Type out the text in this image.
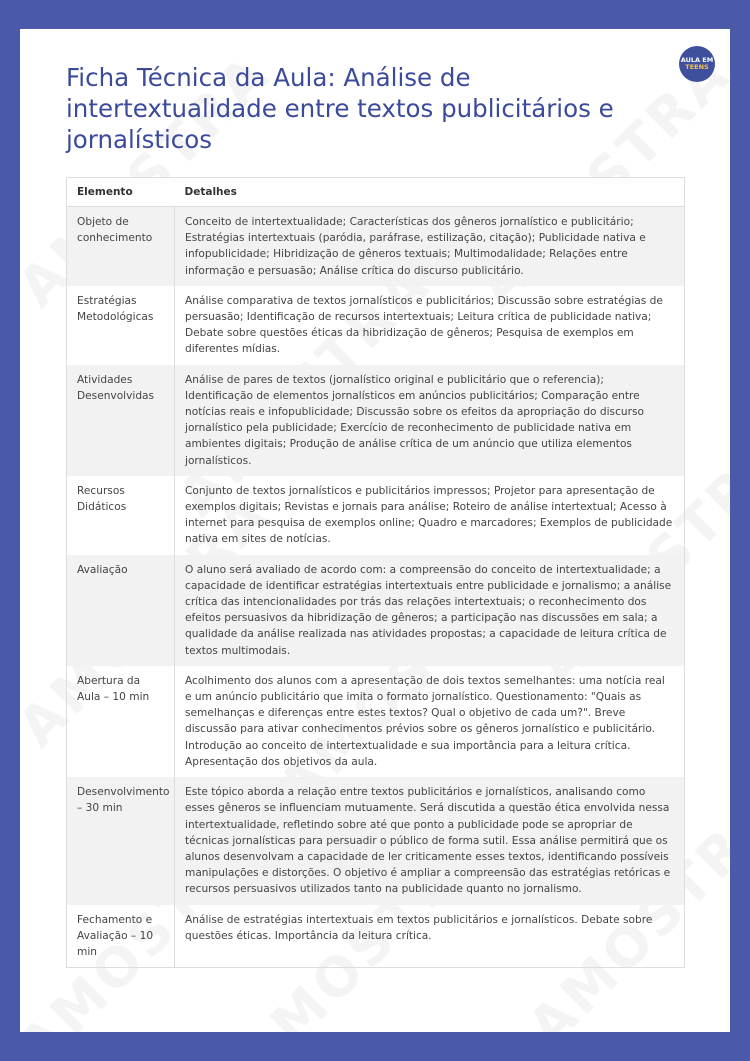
Ficha Técnica da Aula: Análise de intertextualidade entre textos publicitários e jornalísticos
AULA EM
TEENS
Elemento	Detalhes
Objeto de conhecimento	Conceito de intertextualidade; Características dos gêneros jornalístico e publicitário; Estratégias intertextuais (paródia, paráfrase, estilização, citação); Publicidade nativa e infopublicidade; Hibridização de gêneros textuais; Multimodalidade; Relações entre informação e persuasão; Análise crítica do discurso publicitário.
Estratégias Metodológicas	Análise comparativa de textos jornalísticos e publicitários; Discussão sobre estratégias de persuasão; Identificação de recursos intertextuais; Leitura crítica de publicidade nativa; Debate sobre questões éticas da hibridização de gêneros; Pesquisa de exemplos em diferentes mídias.
Atividades Desenvolvidas	Análise de pares de textos (jornalístico original e publicitário que o referencia); Identificação de elementos jornalísticos em anúncios publicitários; Comparação entre notícias reais e infopublicidade; Discussão sobre os efeitos da apropriação do discurso jornalístico pela publicidade; Exercício de reconhecimento de publicidade nativa em ambientes digitais; Produção de análise crítica de um anúncio que utiliza elementos jornalísticos.
Recursos Didáticos	Conjunto de textos jornalísticos e publicitários impressos; Projetor para apresentação de exemplos digitais; Revistas e jornais para análise; Roteiro de análise intertextual; Acesso à internet para pesquisa de exemplos online; Quadro e marcadores; Exemplos de publicidade nativa em sites de notícias.
Avaliação	O aluno será avaliado de acordo com: a compreensão do conceito de intertextualidade; a capacidade de identificar estratégias intertextuais entre publicidade e jornalismo; a análise crítica das intencionalidades por trás das relações intertextuais; o reconhecimento dos efeitos persuasivos da hibridização de gêneros; a participação nas discussões em sala; a qualidade da análise realizada nas atividades propostas; a capacidade de leitura crítica de textos multimodais.
Abertura da Aula – 10 min	Acolhimento dos alunos com a apresentação de dois textos semelhantes: uma notícia real e um anúncio publicitário que imita o formato jornalístico. Questionamento: "Quais as semelhanças e diferenças entre estes textos? Qual o objetivo de cada um?". Breve discussão para ativar conhecimentos prévios sobre os gêneros jornalístico e publicitário. Introdução ao conceito de intertextualidade e sua importância para a leitura crítica. Apresentação dos objetivos da aula.
Desenvolvimento – 30 min	Este tópico aborda a relação entre textos publicitários e jornalísticos, analisando como esses gêneros se influenciam mutuamente. Será discutida a questão ética envolvida nessa intertextualidade, refletindo sobre até que ponto a publicidade pode se apropriar de técnicas jornalísticas para persuadir o público de forma sutil. Essa análise permitirá que os alunos desenvolvam a capacidade de ler criticamente esses textos, identificando possíveis manipulações e distorções. O objetivo é ampliar a compreensão das estratégias retóricas e recursos persuasivos utilizados tanto na publicidade quanto no jornalismo.
Fechamento e Avaliação – 10 min	Análise de estratégias intertextuais em textos publicitários e jornalísticos. Debate sobre questões éticas. Importância da leitura crítica.
